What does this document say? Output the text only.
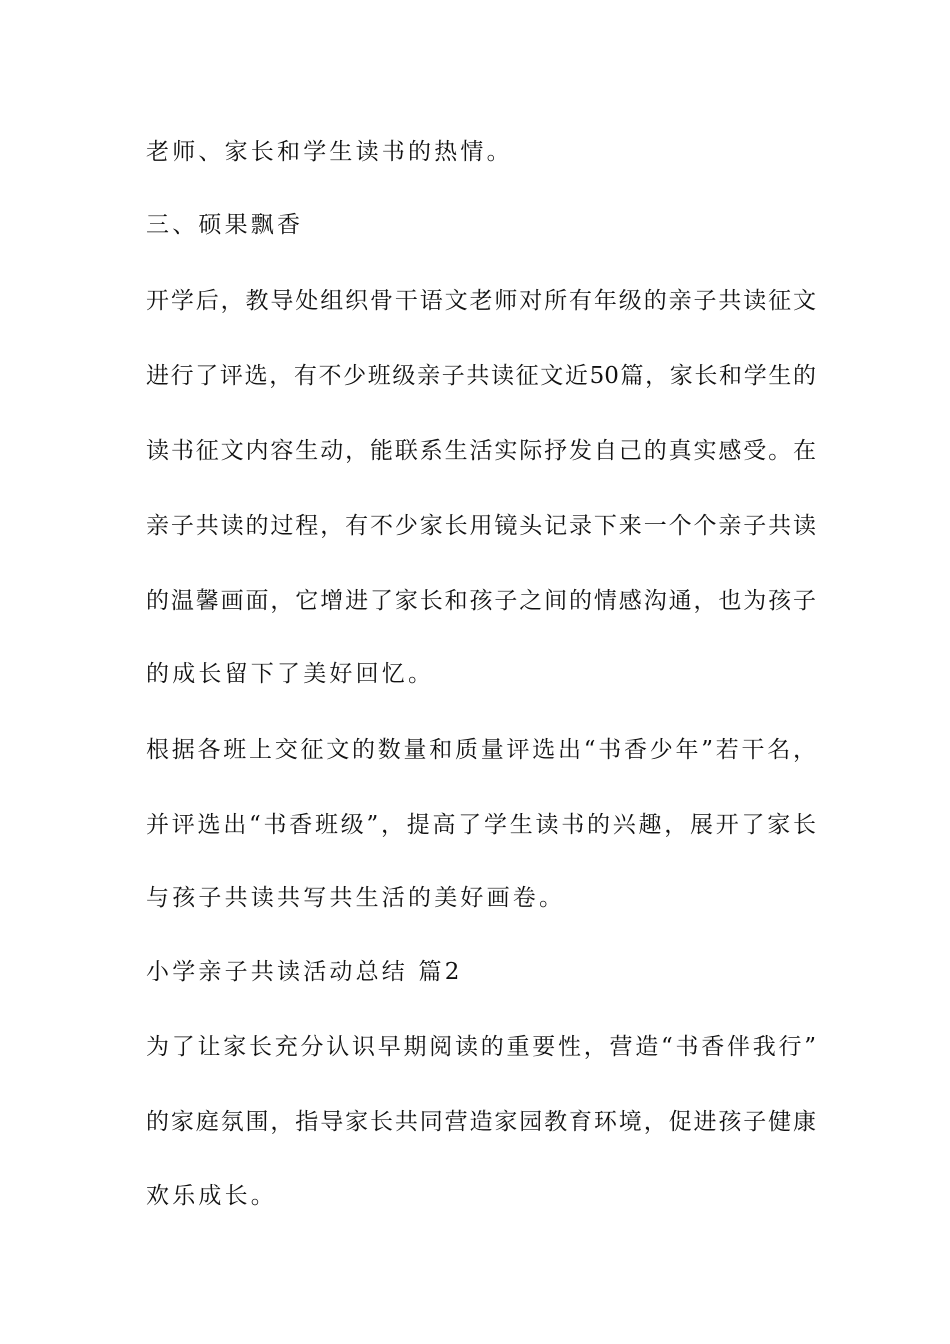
老师、家长和学生读书的热情。
三、硕果飘香
开学后，教导处组织骨干语文老师对所有年级的亲子共读征文
进行了评选，有不少班级亲子共读征文近50篇，家长和学生的
读书征文内容生动，能联系生活实际抒发自己的真实感受。在
亲子共读的过程，有不少家长用镜头记录下来一个个亲子共读
的温馨画面，它增进了家长和孩子之间的情感沟通，也为孩子
的成长留下了美好回忆。
根据各班上交征文的数量和质量评选出“书香少年”若干名，
并评选出“书香班级”，提高了学生读书的兴趣，展开了家长
与孩子共读共写共生活的美好画卷。
小学亲子共读活动总结 篇2
为了让家长充分认识早期阅读的重要性，营造“书香伴我行”
的家庭氛围，指导家长共同营造家园教育环境，促进孩子健康
欢乐成长。
